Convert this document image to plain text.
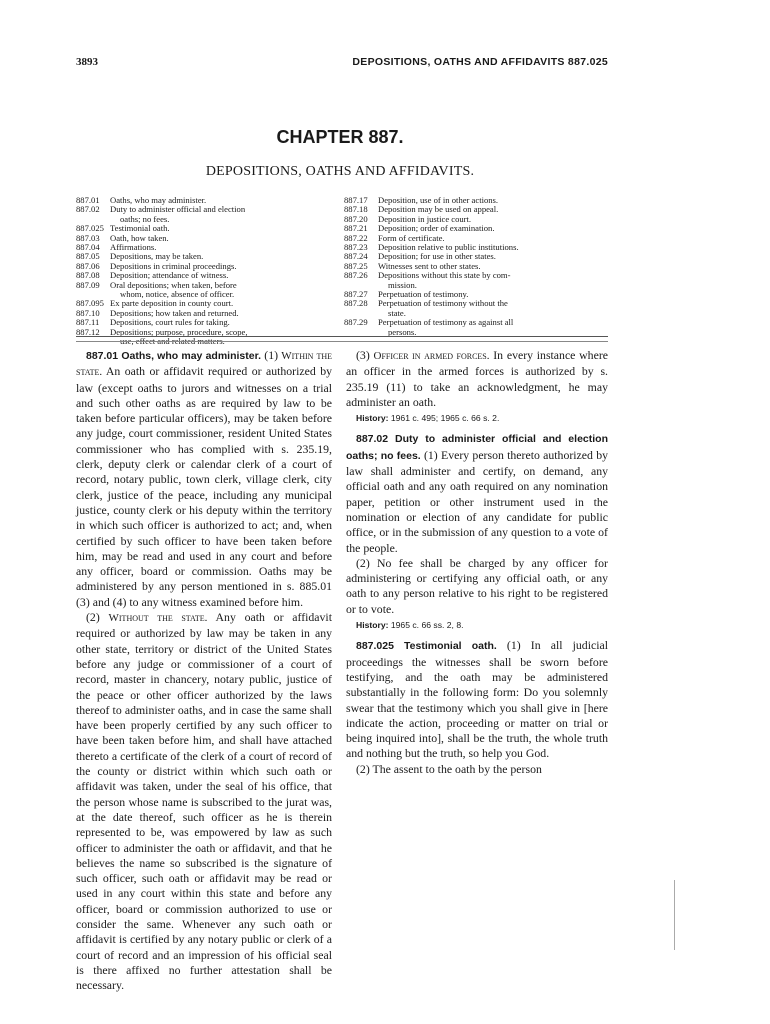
3893	DEPOSITIONS, OATHS AND AFFIDAVITS 887.025
CHAPTER 887.
DEPOSITIONS, OATHS AND AFFIDAVITS.
887.01	Oaths, who may administer.
887.02	Duty to administer official and election
oaths; no fees.
887.025 Testimonial oath.
887.03	Oath, how taken.
887.04	Affirmations.
887.05	Depositions, may be taken.
887.06	Depositions in criminal proceedings.
887.08	Deposition; attendance of witness.
887.09	Oral depositions; when taken, before
whom, notice, absence of officer.
887.095 Ex parte deposition in county court.
887.10	Depositions; how taken and returned.
887.11	Depositions, court rules for taking.
887.12	Depositions; purpose, procedure, scope,
use, effect and related matters.
887.17	Deposition, use of in other actions.
887.18	Deposition may be used on appeal.
887.20	Deposition in justice court.
887.21	Deposition; order of examination.
887.22	Form of certificate.
887.23	Deposition relative to public institutions.
887.24	Deposition; for use in other states.
887.25	Witnesses sent to other states.
887.26	Depositions without this state by com-
mission.
887.27	Perpetuation of testimony.
887.28	Perpetuation of testimony without the
state.
887.29	Perpetuation of testimony as against all
persons.

887.01 Oaths, who may administer. (1) Within the state. An oath or affidavit required or authorized by law (except oaths to jurors and witnesses on a trial and such other oaths as are required by law to be taken before particular officers), may be taken before any judge, court commissioner, resident United States commissioner who has complied with s. 235.19, clerk, deputy clerk or calendar clerk of a court of record, notary public, town clerk, village clerk, city clerk, justice of the peace, including any municipal justice, county clerk or his deputy within the territory in which such officer is authorized to act; and, when certified by such officer to have been taken before him, may be read and used in any court and before any officer, board or commission. Oaths may be administered by any person mentioned in s. 885.01 (3) and (4) to any witness examined before him.

(2) Without the state. Any oath or affidavit required or authorized by law may be taken in any other state, territory or district of the United States before any judge or commissioner of a court of record, master in chancery, notary public, justice of the peace or other officer authorized by the laws thereof to administer oaths, and in case the same shall have been properly certified by any such officer to have been taken before him, and shall have attached thereto a certificate of the clerk of a court of record of the county or district within which such oath or affidavit was taken, under the seal of his office, that the person whose name is subscribed to the jurat was, at the date thereof, such officer as he is therein represented to be, was empowered by law as such officer to administer the oath or affidavit, and that he believes the name so subscribed is the signature of such officer, such oath or affidavit may be read or used in any court within this state and before any officer, board or commission authorized to use or consider the same. Whenever any such oath or affidavit is certified by any notary public or clerk of a court of record and an impression of his official seal is there affixed no further attestation shall be necessary.

(3) Officer in armed forces. In every instance where an officer in the armed forces is authorized by s. 235.19 (11) to take an acknowledgment, he may administer an oath.

History: 1961 c. 495; 1965 c. 66 s. 2.

887.02 Duty to administer official and election oaths; no fees. (1) Every person thereto authorized by law shall administer and certify, on demand, any official oath and any oath required on any nomination paper, petition or other instrument used in the nomination or election of any candidate for public office, or in the submission of any question to a vote of the people.

(2) No fee shall be charged by any officer for administering or certifying any official oath, or any oath to any person relative to his right to be registered or to vote.

History: 1965 c. 66 ss. 2, 8.

887.025 Testimonial oath. (1) In all judicial proceedings the witnesses shall be sworn before testifying, and the oath may be administered substantially in the following form: Do you solemnly swear that the testimony which you shall give in [here indicate the action, proceeding or matter on trial or being inquired into], shall be the truth, the whole truth and nothing but the truth, so help you God.

(2) The assent to the oath by the person
